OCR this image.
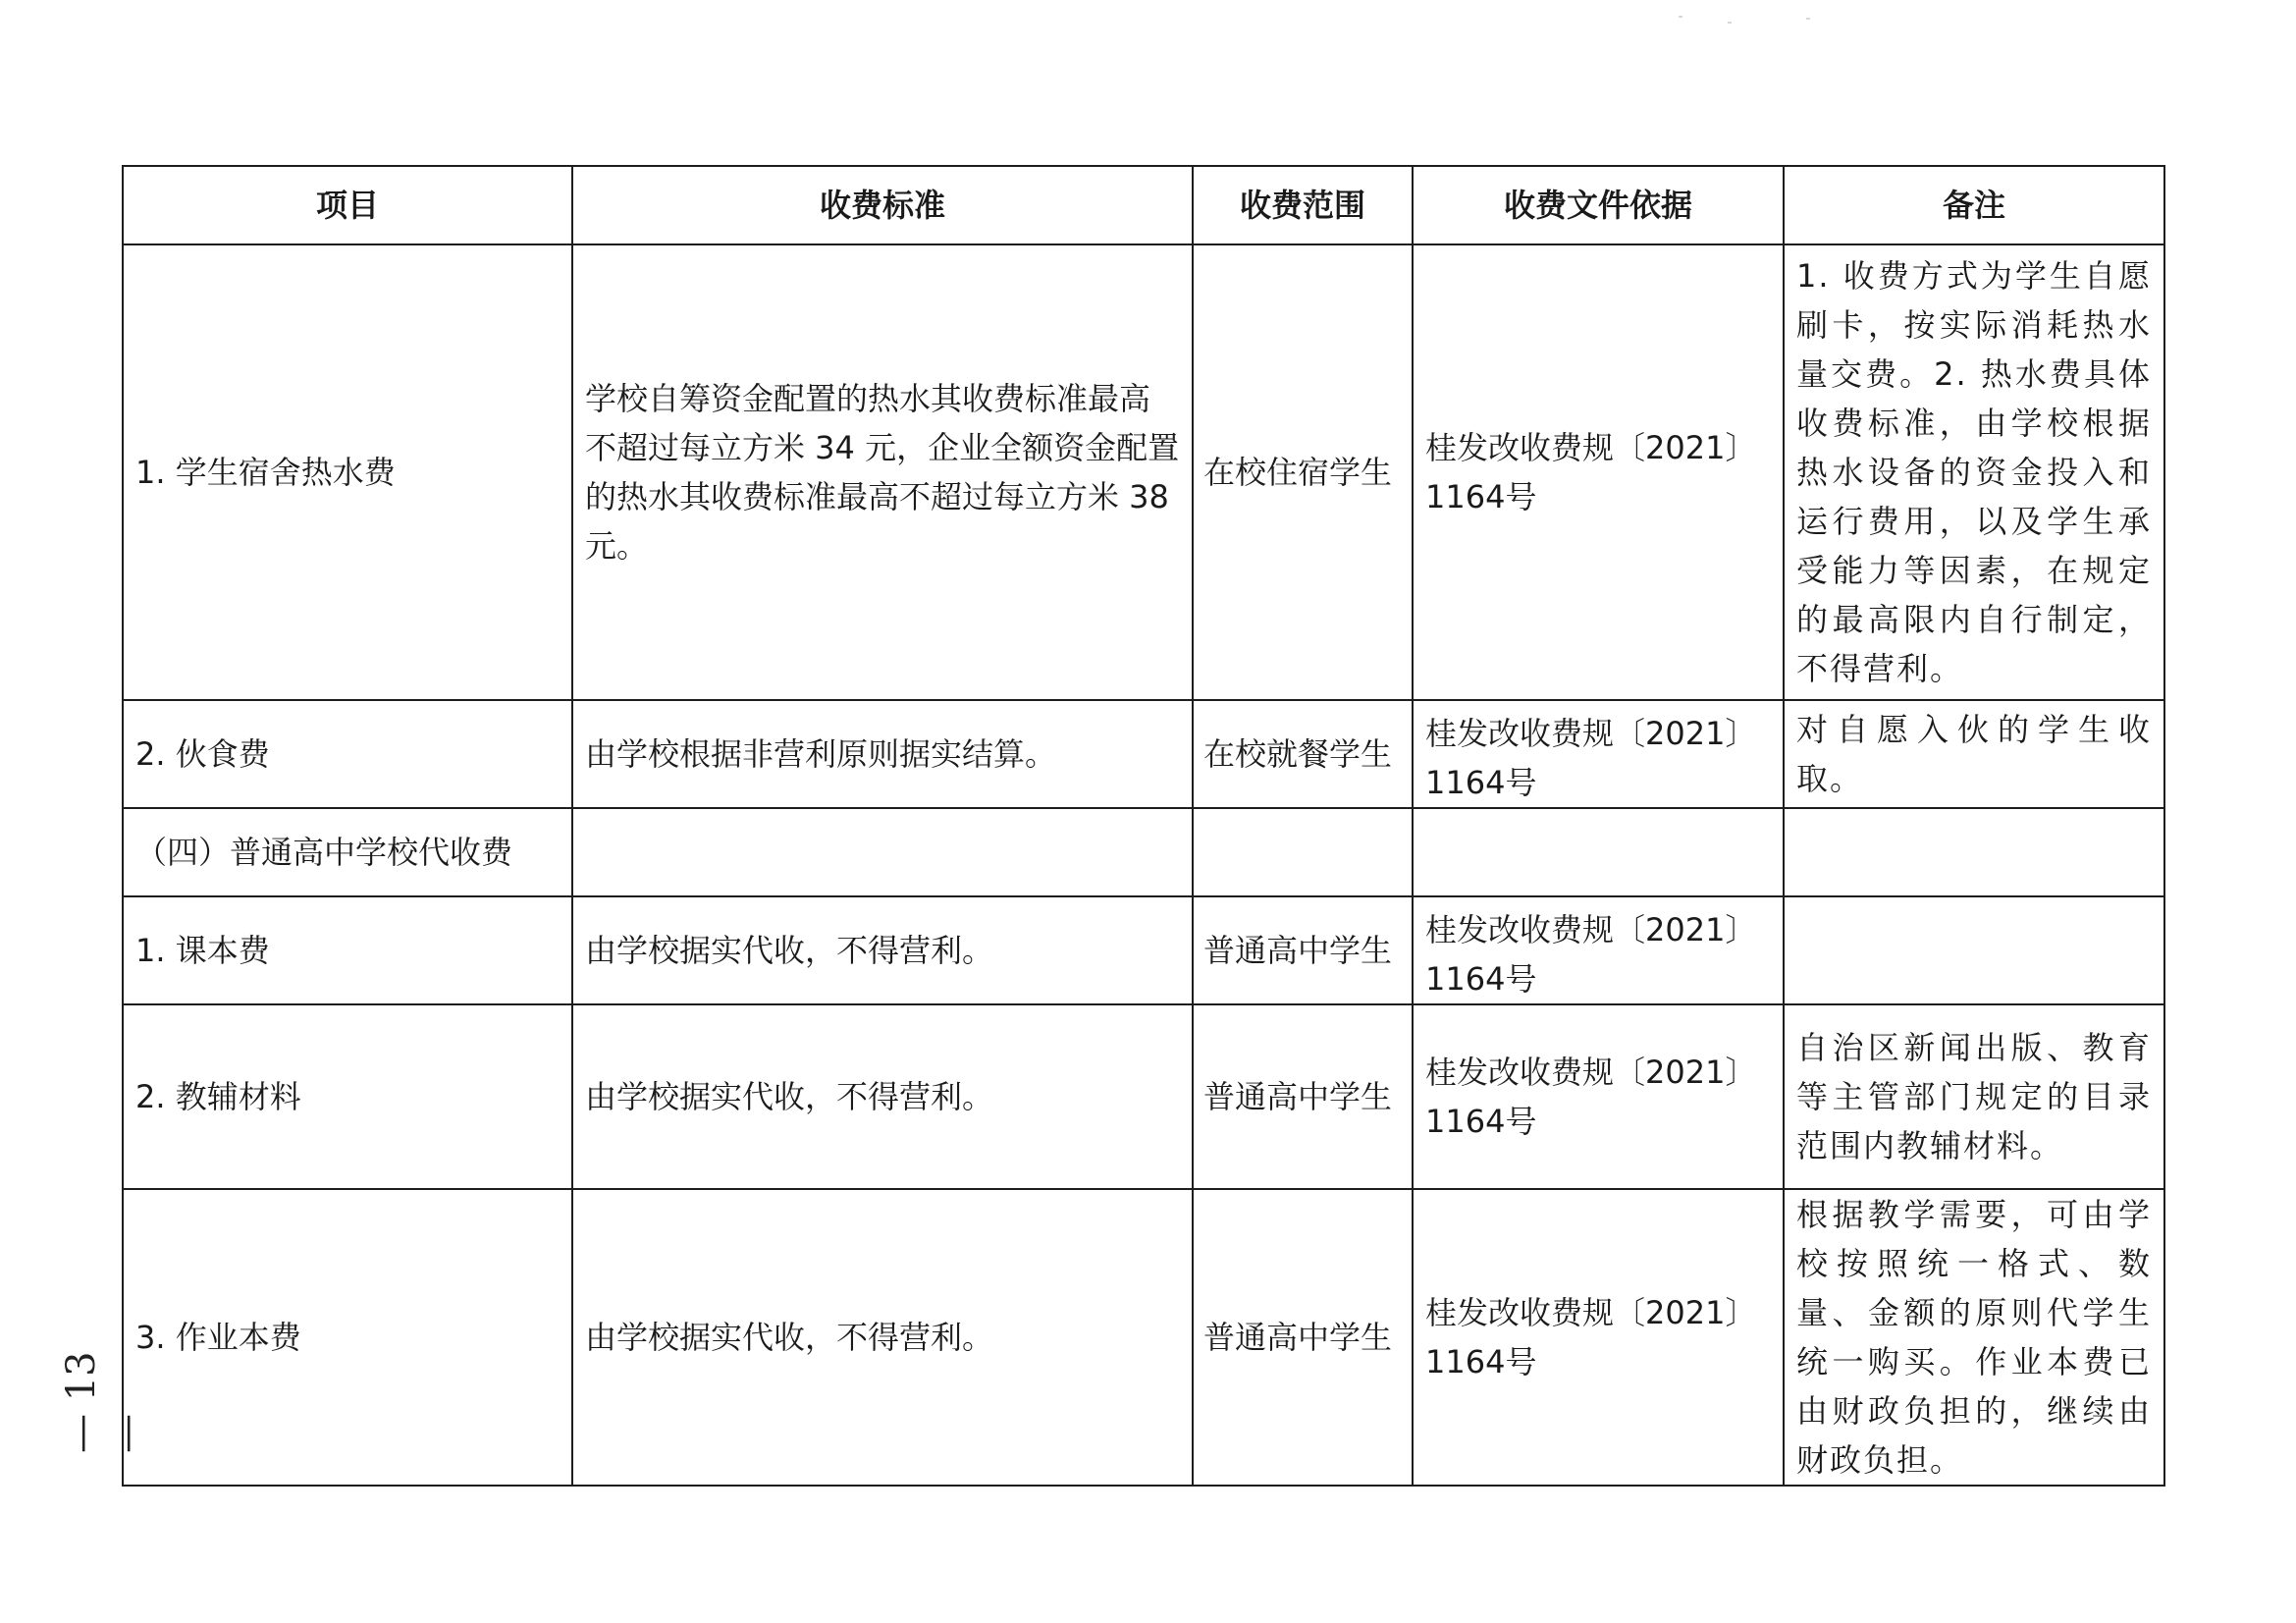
项目	收费标准	收费范围	收费文件依据	备注
1. 学生宿舍热水费	学校自筹资金配置的热水其收费标准最高不超过每立方米 34 元，企业全额资金配置的热水其收费标准最高不超过每立方米 38 元。	在校住宿学生	桂发改收费规〔2021〕1164号	1. 收费方式为学生自愿刷卡，按实际消耗热水量交费。2. 热水费具体收费标准，由学校根据热水设备的资金投入和运行费用，以及学生承受能力等因素，在规定的最高限内自行制定，不得营利。
2. 伙食费	由学校根据非营利原则据实结算。	在校就餐学生	桂发改收费规〔2021〕1164号	对自愿入伙的学生收取。
（四）普通高中学校代收费				
1. 课本费	由学校据实代收，不得营利。	普通高中学生	桂发改收费规〔2021〕1164号	
2. 教辅材料	由学校据实代收，不得营利。	普通高中学生	桂发改收费规〔2021〕1164号	自治区新闻出版、教育等主管部门规定的目录范围内教辅材料。
3. 作业本费	由学校据实代收，不得营利。	普通高中学生	桂发改收费规〔2021〕1164号	根据教学需要，可由学校按照统一格式、数量、金额的原则代学生统一购买。作业本费已由财政负担的，继续由财政负担。
— 13 —
